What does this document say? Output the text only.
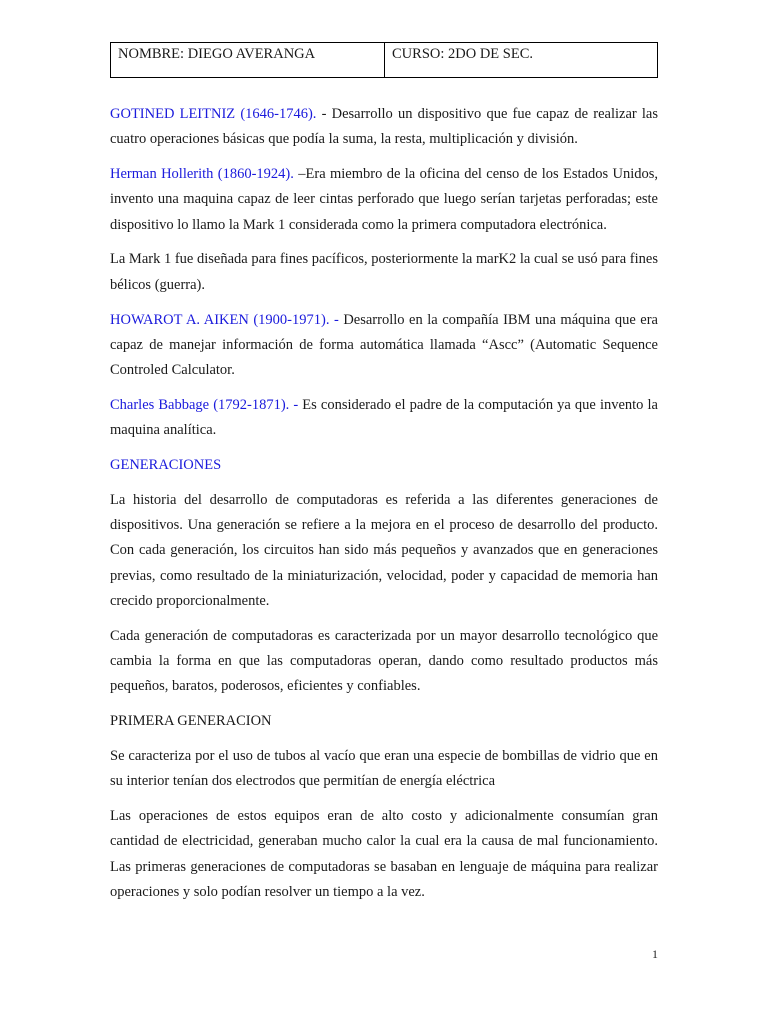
NOMBRE: DIEGO AVERANGA	CURSO: 2DO DE SEC.

GOTINED LEITNIZ (1646-1746). - Desarrollo un dispositivo que fue capaz de realizar las cuatro operaciones básicas que podía la suma, la resta, multiplicación y división.

Herman Hollerith (1860-1924). –Era miembro de la oficina del censo de los Estados Unidos, invento una maquina capaz de leer cintas perforado que luego serían tarjetas perforadas; este dispositivo lo llamo la Mark 1 considerada como la primera computadora electrónica.

La Mark 1 fue diseñada para fines pacíficos, posteriormente la marK2 la cual se usó para fines bélicos (guerra).

HOWAROT A. AIKEN (1900-1971). - Desarrollo en la compañía IBM una máquina que era capaz de manejar información de forma automática llamada “Ascc” (Automatic Sequence Controled Calculator.

Charles Babbage (1792-1871). - Es considerado el padre de la computación ya que invento la maquina analítica.

GENERACIONES

La historia del desarrollo de computadoras es referida a las diferentes generaciones de dispositivos. Una generación se refiere a la mejora en el proceso de desarrollo del producto. Con cada generación, los circuitos han sido más pequeños y avanzados que en generaciones previas, como resultado de la miniaturización, velocidad, poder y capacidad de memoria han crecido proporcionalmente.

Cada generación de computadoras es caracterizada por un mayor desarrollo tecnológico que cambia la forma en que las computadoras operan, dando como resultado productos más pequeños, baratos, poderosos, eficientes y confiables.

PRIMERA GENERACION

Se caracteriza por el uso de tubos al vacío que eran una especie de bombillas de vidrio que en su interior tenían dos electrodos que permitían de energía eléctrica

Las operaciones de estos equipos eran de alto costo y adicionalmente consumían gran cantidad de electricidad, generaban mucho calor la cual era la causa de mal funcionamiento. Las primeras generaciones de computadoras se basaban en lenguaje de máquina para realizar operaciones y solo podían resolver un tiempo a la vez.

1
